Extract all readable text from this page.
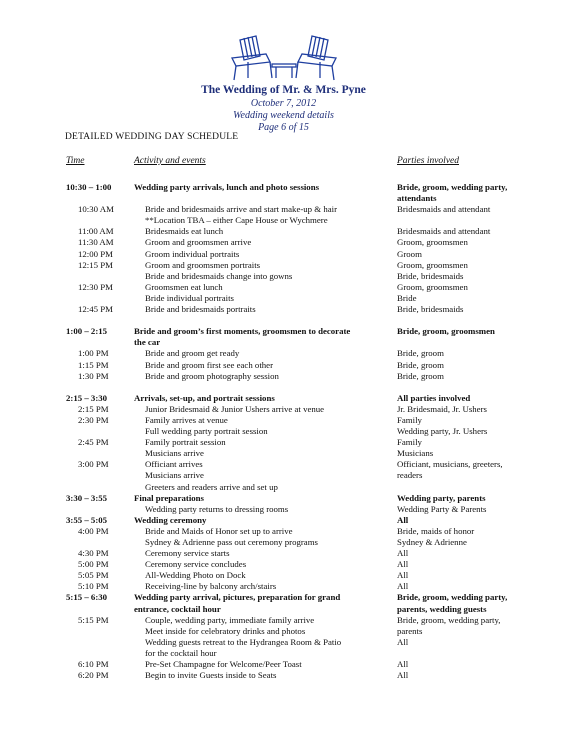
The Wedding of Mr. & Mrs. Pyne
October 7, 2012
Wedding weekend details
Page 6 of 15
DETAILED WEDDING DAY SCHEDULE
Time	Activity and events	Parties involved
10:30 – 1:00	Wedding party arrivals, lunch and photo sessions	Bride, groom, wedding party,
attendants
10:30 AM	Bride and bridesmaids arrive and start make-up & hair	Bridesmaids and attendant
**Location TBA – either Cape House or Wychmere
11:00 AM	Bridesmaids eat lunch	Bridesmaids and attendant
11:30 AM	Groom and groomsmen arrive	Groom, groomsmen
12:00 PM	Groom individual portraits	Groom
12:15 PM	Groom and groomsmen portraits	Groom, groomsmen
Bride and bridesmaids change into gowns	Bride, bridesmaids
12:30 PM	Groomsmen eat lunch	Groom, groomsmen
Bride individual portraits	Bride
12:45 PM	Bride and bridesmaids portraits	Bride, bridesmaids
1:00 – 2:15	Bride and groom’s first moments, groomsmen to decorate	Bride, groom, groomsmen
the car
1:00 PM	Bride and groom get ready	Bride, groom
1:15 PM	Bride and groom first see each other	Bride, groom
1:30 PM	Bride and groom photography session	Bride, groom
2:15 – 3:30	Arrivals, set-up, and portrait sessions	All parties involved
2:15 PM	Junior Bridesmaid & Junior Ushers arrive at venue	Jr. Bridesmaid, Jr. Ushers
2:30 PM	Family arrives at venue	Family
Full wedding party portrait session	Wedding party, Jr. Ushers
2:45 PM	Family portrait session	Family
Musicians arrive	Musicians
3:00 PM	Officiant arrives	Officiant, musicians, greeters,
Musicians arrive	readers
Greeters and readers arrive and set up
3:30 – 3:55	Final preparations	Wedding party, parents
Wedding party returns to dressing rooms	Wedding Party & Parents
3:55 – 5:05	Wedding ceremony	All
4:00 PM	Bride and Maids of Honor set up to arrive	Bride, maids of honor
Sydney & Adrienne pass out ceremony programs	Sydney & Adrienne
4:30 PM	Ceremony service starts	All
5:00 PM	Ceremony service concludes	All
5:05 PM	All-Wedding Photo on Dock	All
5:10 PM	Receiving-line by balcony arch/stairs	All
5:15 – 6:30	Wedding party arrival, pictures, preparation for grand	Bride, groom, wedding party,
entrance, cocktail hour	parents, wedding guests
5:15 PM	Couple, wedding party, immediate family arrive	Bride, groom, wedding party,
Meet inside for celebratory drinks and photos	parents
Wedding guests retreat to the Hydrangea Room & Patio	All
for the cocktail hour
6:10 PM	Pre-Set Champagne for Welcome/Peer Toast	All
6:20 PM	Begin to invite Guests inside to Seats	All
